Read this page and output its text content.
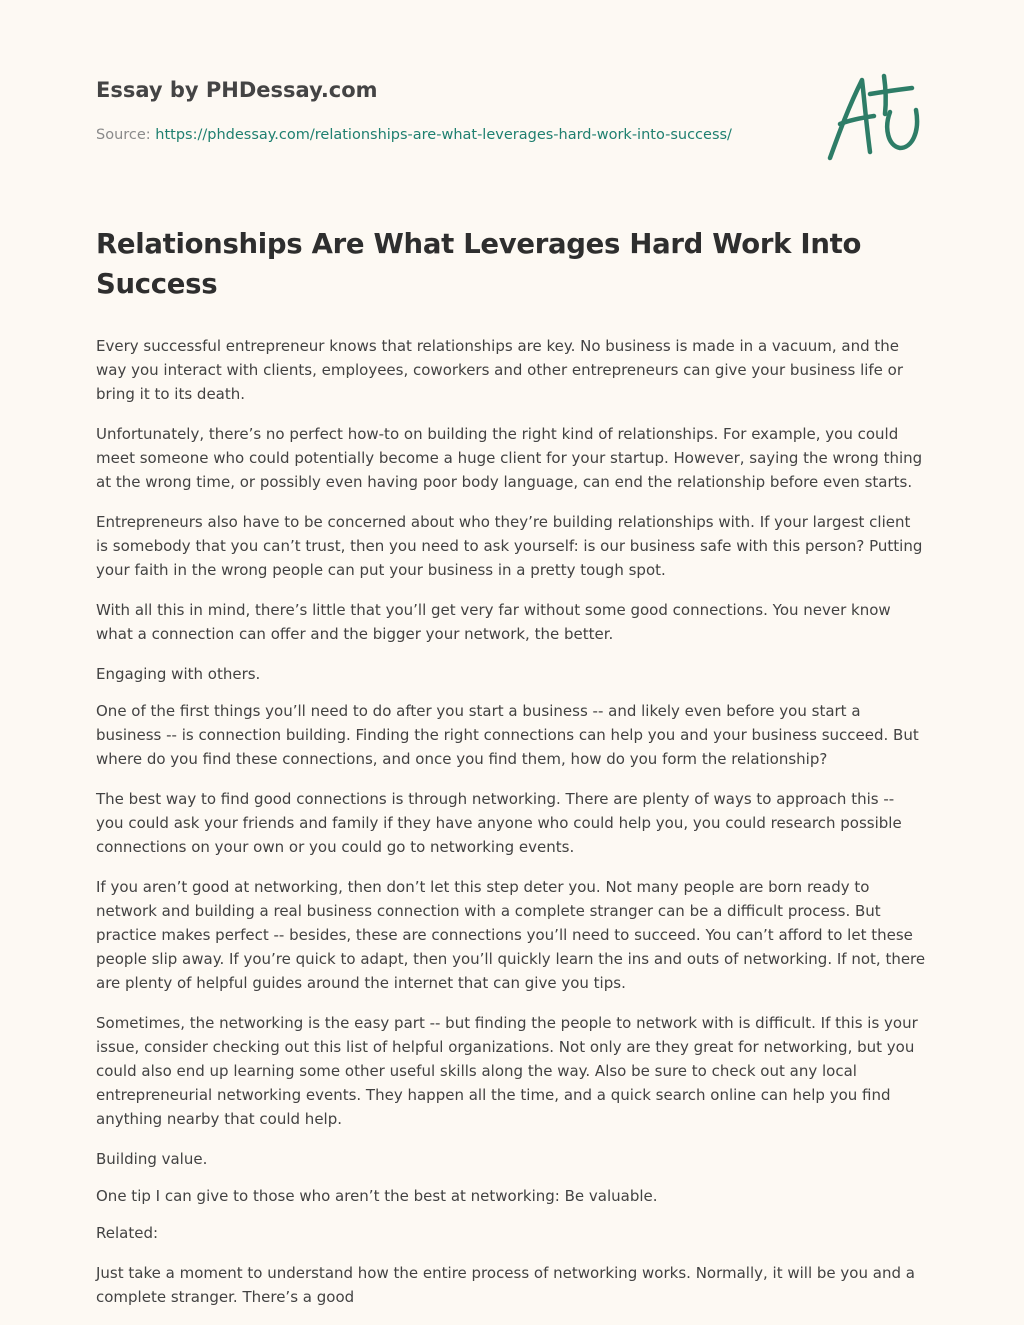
Essay by PHDessay.com
Source: https://phdessay.com/relationships-are-what-leverages-hard-work-into-success/
Relationships Are What Leverages Hard Work Into Success

Every successful entrepreneur knows that relationships are key. No business is made in a vacuum, and the way you interact with clients, employees, coworkers and other entrepreneurs can give your business life or bring it to its death.

Unfortunately, there’s no perfect how-to on building the right kind of relationships. For example, you could meet someone who could potentially become a huge client for your startup. However, saying the wrong thing at the wrong time, or possibly even having poor body language, can end the relationship before even starts.

Entrepreneurs also have to be concerned about who they’re building relationships with. If your largest client is somebody that you can’t trust, then you need to ask yourself: is our business safe with this person? Putting your faith in the wrong people can put your business in a pretty tough spot.

With all this in mind, there’s little that you’ll get very far without some good connections. You never know what a connection can offer and the bigger your network, the better.

Engaging with others.

One of the first things you’ll need to do after you start a business -- and likely even before you start a business -- is connection building. Finding the right connections can help you and your business succeed. But where do you find these connections, and once you find them, how do you form the relationship?

The best way to find good connections is through networking. There are plenty of ways to approach this -- you could ask your friends and family if they have anyone who could help you, you could research possible connections on your own or you could go to networking events.

If you aren’t good at networking, then don’t let this step deter you. Not many people are born ready to network and building a real business connection with a complete stranger can be a difficult process. But practice makes perfect -- besides, these are connections you’ll need to succeed. You can’t afford to let these people slip away. If you’re quick to adapt, then you’ll quickly learn the ins and outs of networking. If not, there are plenty of helpful guides around the internet that can give you tips.

Sometimes, the networking is the easy part -- but finding the people to network with is difficult. If this is your issue, consider checking out this list of helpful organizations. Not only are they great for networking, but you could also end up learning some other useful skills along the way. Also be sure to check out any local entrepreneurial networking events. They happen all the time, and a quick search online can help you find anything nearby that could help.

Building value.

One tip I can give to those who aren’t the best at networking: Be valuable.

Related:

Just take a moment to understand how the entire process of networking works. Normally, it will be you and a complete stranger. There’s a good
